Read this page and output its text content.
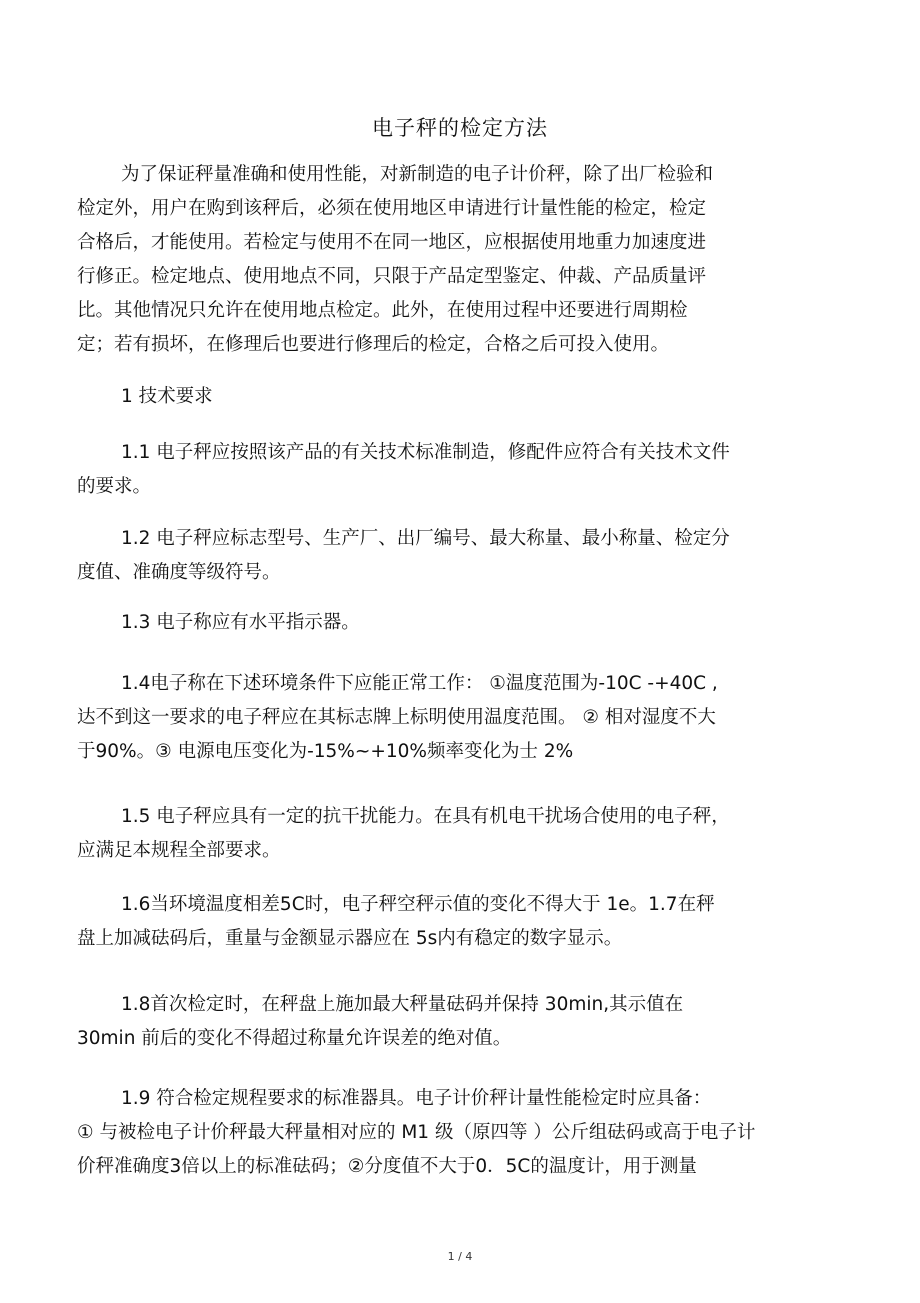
电子秤的检定方法
为了保证秤量准确和使用性能，对新制造的电子计价秤，除了出厂检验和
检定外，用户在购到该秤后，必须在使用地区申请进行计量性能的检定，检定
合格后，才能使用。若检定与使用不在同一地区，应根据使用地重力加速度进
行修正。检定地点、使用地点不同，只限于产品定型鉴定、仲裁、产品质量评
比。其他情况只允许在使用地点检定。此外，在使用过程中还要进行周期检
定；若有损坏，在修理后也要进行修理后的检定，合格之后可投入使用。
1 技术要求
1.1 电子秤应按照该产品的有关技术标准制造，修配件应符合有关技术文件
的要求。
1.2 电子秤应标志型号、生产厂、出厂编号、最大称量、最小称量、检定分
度值、准确度等级符号。
1.3 电子称应有水平指示器。
1.4电子称在下述环境条件下应能正常工作： ①温度范围为-10C -+40C ,
达不到这一要求的电子秤应在其标志牌上标明使用温度范围。 ② 相对湿度不大
于90%。③ 电源电压变化为-15%~+10%频率变化为士 2%
1.5 电子秤应具有一定的抗干扰能力。在具有机电干扰场合使用的电子秤，
应满足本规程全部要求。
1.6当环境温度相差5C时，电子秤空秤示值的变化不得大于 1e。1.7在秤
盘上加减砝码后，重量与金额显示器应在 5s内有稳定的数字显示。
1.8首次检定时，在秤盘上施加最大秤量砝码并保持 30min,其示值在
30min 前后的变化不得超过称量允许误差的绝对值。
1.9 符合检定规程要求的标准器具。电子计价秤计量性能检定时应具备：
① 与被检电子计价秤最大秤量相对应的 M1 级（原四等 ）公斤组砝码或高于电子计
价秤准确度3倍以上的标准砝码；②分度值不大于0．5C的温度计，用于测量
1 / 4
